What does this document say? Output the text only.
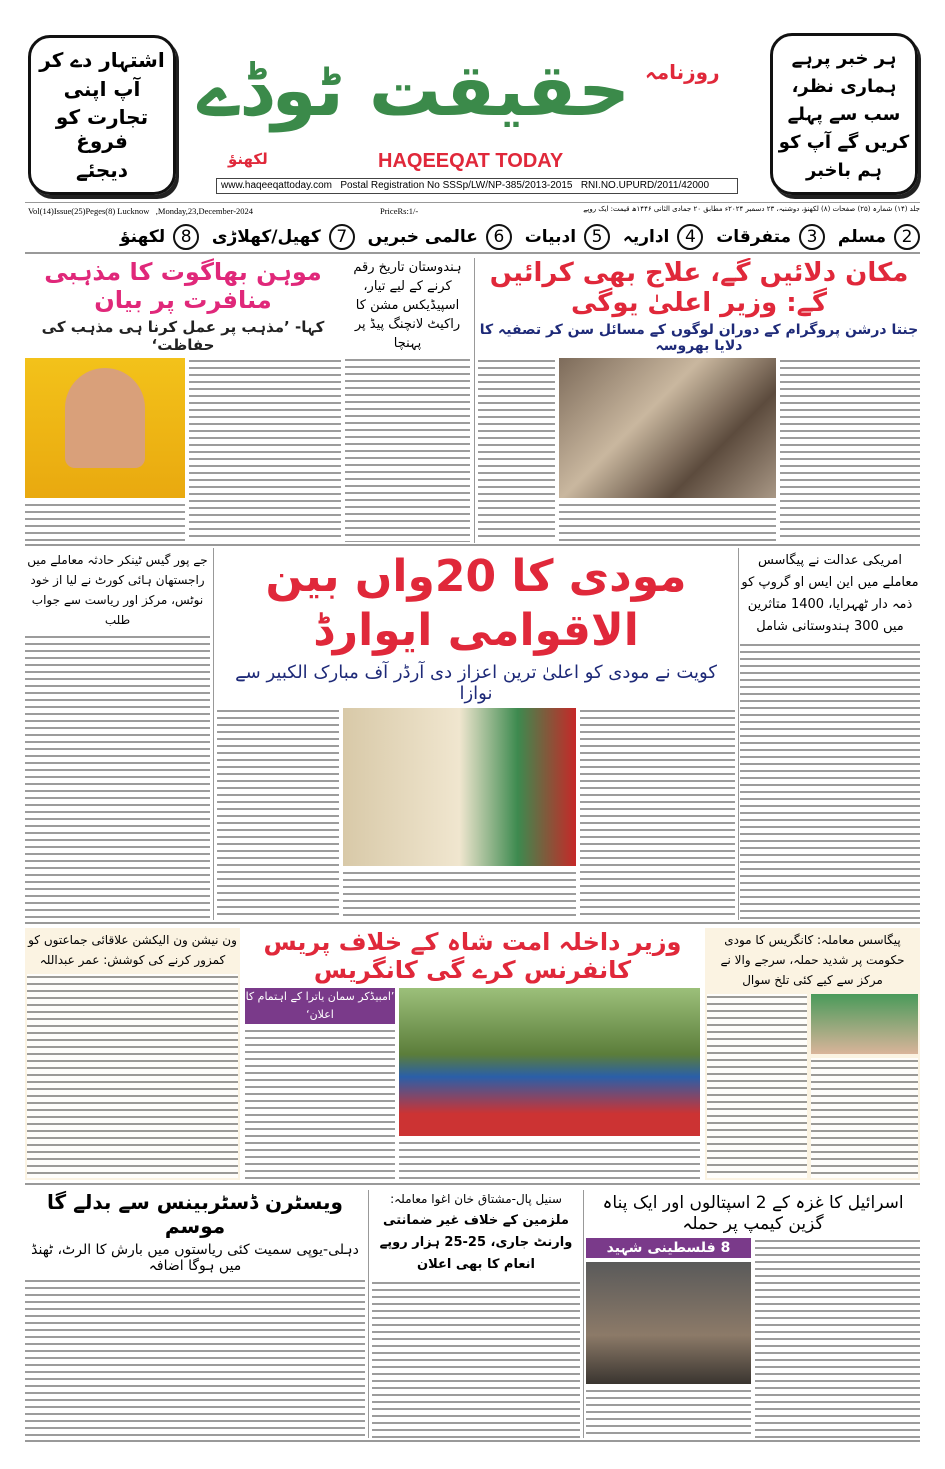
اشتہار دے کر
آپ اپنی
تجارت کو فروغ
دیجئے
ہر خبر پرہے
ہماری نظر،
سب سے پہلے
کریں گے آپ کو
ہم باخبر
حقیقت ٹوڈے روزنامہ
لکھنؤ	HAQEEQAT TODAY
www.haqeeqattoday.com   Postal Registration No SSSp/LW/NP-385/2013-2015   RNI.NO.UPURD/2011/42000
Vol(14)Issue(25)Peges(8) Lucknow   ,Monday,23,December-2024	PriceRs:1/-	جلد (۱۴) شمارہ (۲۵) صفحات (۸) لکھنؤ، دوشنبہ، ۲۳ دسمبر ۲۰۲۴ء مطابق ۲۰ جمادی الثانی ۱۴۴۶ھ قیمت: ایک روپے
2مسلم
3متفرقات
4اداریہ
5ادبیات
6عالمی خبریں
7کھیل/کھلاڑی
8لکھنؤ
مکان دلائیں گے، علاج بھی کرائیں گے: وزیر اعلیٰ یوگی
جنتا درشن پروگرام کے دوران لوگوں کے مسائل سن کر تصفیہ کا دلایا بھروسہ
ہندوستان تاریخ رقم کرنے کے لیے تیار، اسپیڈیکس مشن کا راکیٹ لانچنگ پیڈ پر پہنچا
موہن بھاگوت کا مذہبی منافرت پر بیان
کہا- ’مذہب پر عمل کرنا ہی مذہب کی حفاظت‘
جے پور گیس ٹینکر حادثہ معاملے میں راجستھان ہائی کورٹ نے لیا از خود نوٹس، مرکز اور ریاست سے جواب طلب
مودی کا 20واں بین الاقوامی ایوارڈ
کویت نے مودی کو اعلیٰ ترین اعزاز دی آرڈر آف مبارک الکبیر سے نوازا
امریکی عدالت نے پیگاسس معاملے میں این ایس او گروپ کو ذمہ دار ٹھہرایا، 1400 متاثرین میں 300 ہندوستانی شامل
ون نیشن ون الیکشن علاقائی جماعتوں کو کمزور کرنے کی کوشش: عمر عبداللہ
وزیر داخلہ امت شاہ کے خلاف پریس کانفرنس کرے گی کانگریس
’امبیڈکر سمان یاترا کے اہتمام کا اعلان‘
پیگاسس معاملہ: کانگریس کا مودی حکومت پر شدید حملہ، سرجے والا نے مرکز سے کیے کئی تلخ سوال
ویسٹرن ڈسٹربینس سے بدلے گا موسم
دہلی-یوپی سمیت کئی ریاستوں میں بارش کا الرٹ، ٹھنڈ میں ہوگا اضافہ
سنیل پال-مشتاق خان اغوا معاملہ:
ملزمین کے خلاف غیر ضمانتی وارنٹ جاری، 25-25 ہزار روپے انعام کا بھی اعلان
اسرائیل کا غزہ کے 2 اسپتالوں اور ایک پناہ گزین کیمپ پر حملہ
8 فلسطینی شہید
